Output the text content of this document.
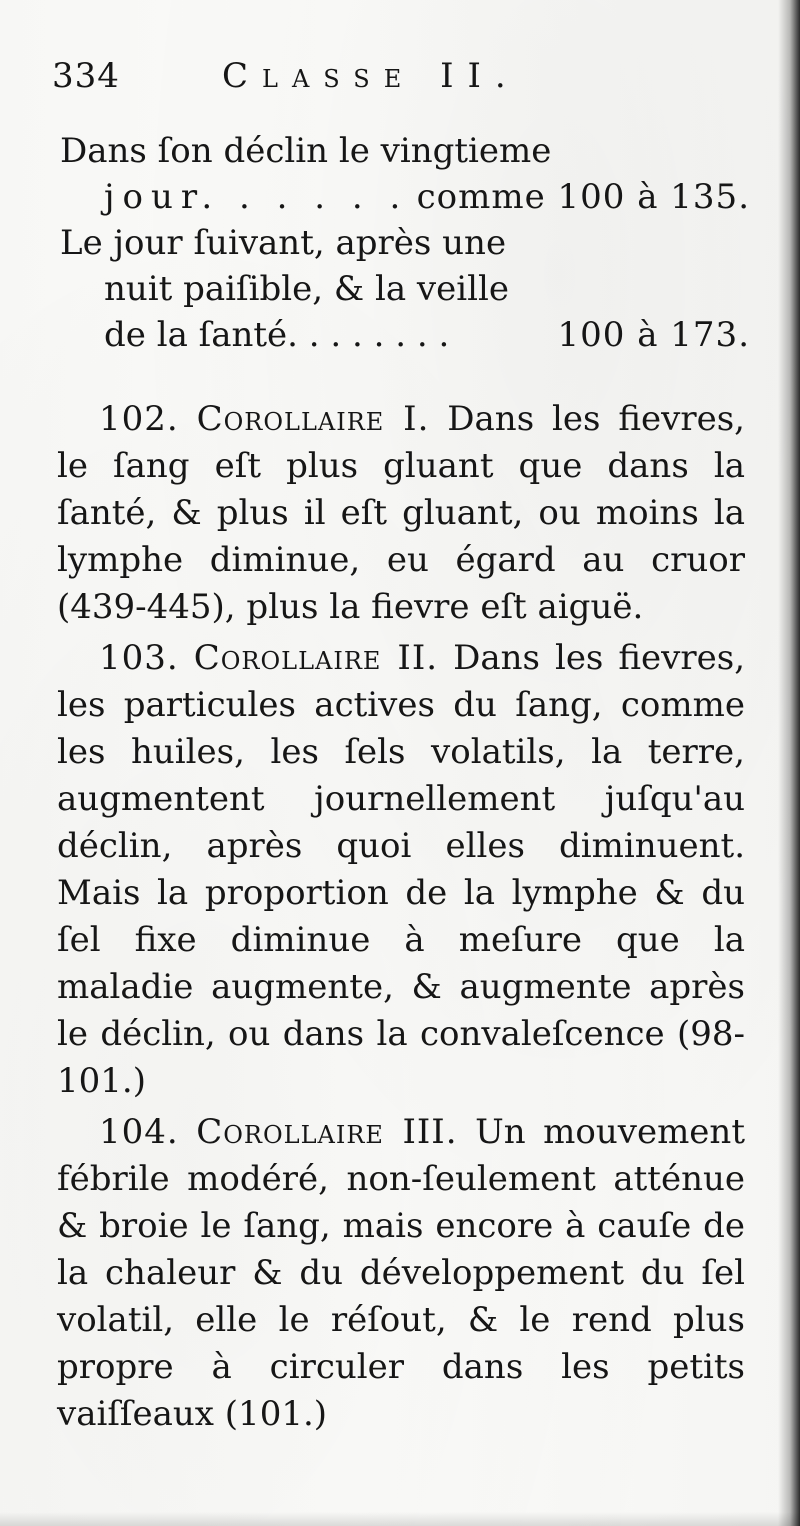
334	Classe II.
Dans ſon déclin le vingtieme
jour. . . . . . comme 100 à 135.
Le jour ſuivant, après une
nuit paiſible, & la veille
de la ſanté. . . . . . . .	100 à 173.

102. Corollaire I. Dans les fievres, le ſang eſt plus gluant que dans la ſanté, & plus il eſt gluant, ou moins la lymphe diminue, eu égard au cruor (439-445), plus la fievre eſt aiguë.

103. Corollaire II. Dans les fievres, les particules actives du ſang, comme les huiles, les ſels volatils, la terre, augmentent journellement juſqu'au déclin, après quoi elles diminuent. Mais la proportion de la lymphe & du ſel fixe diminue à meſure que la maladie augmente, & augmente après le déclin, ou dans la convaleſcence (98-101.)

104. Corollaire III. Un mouvement fébrile modéré, non-ſeulement atténue & broie le ſang, mais encore à cauſe de la chaleur & du développement du ſel volatil, elle le réſout, & le rend plus propre à circuler dans les petits vaiſſeaux (101.)
